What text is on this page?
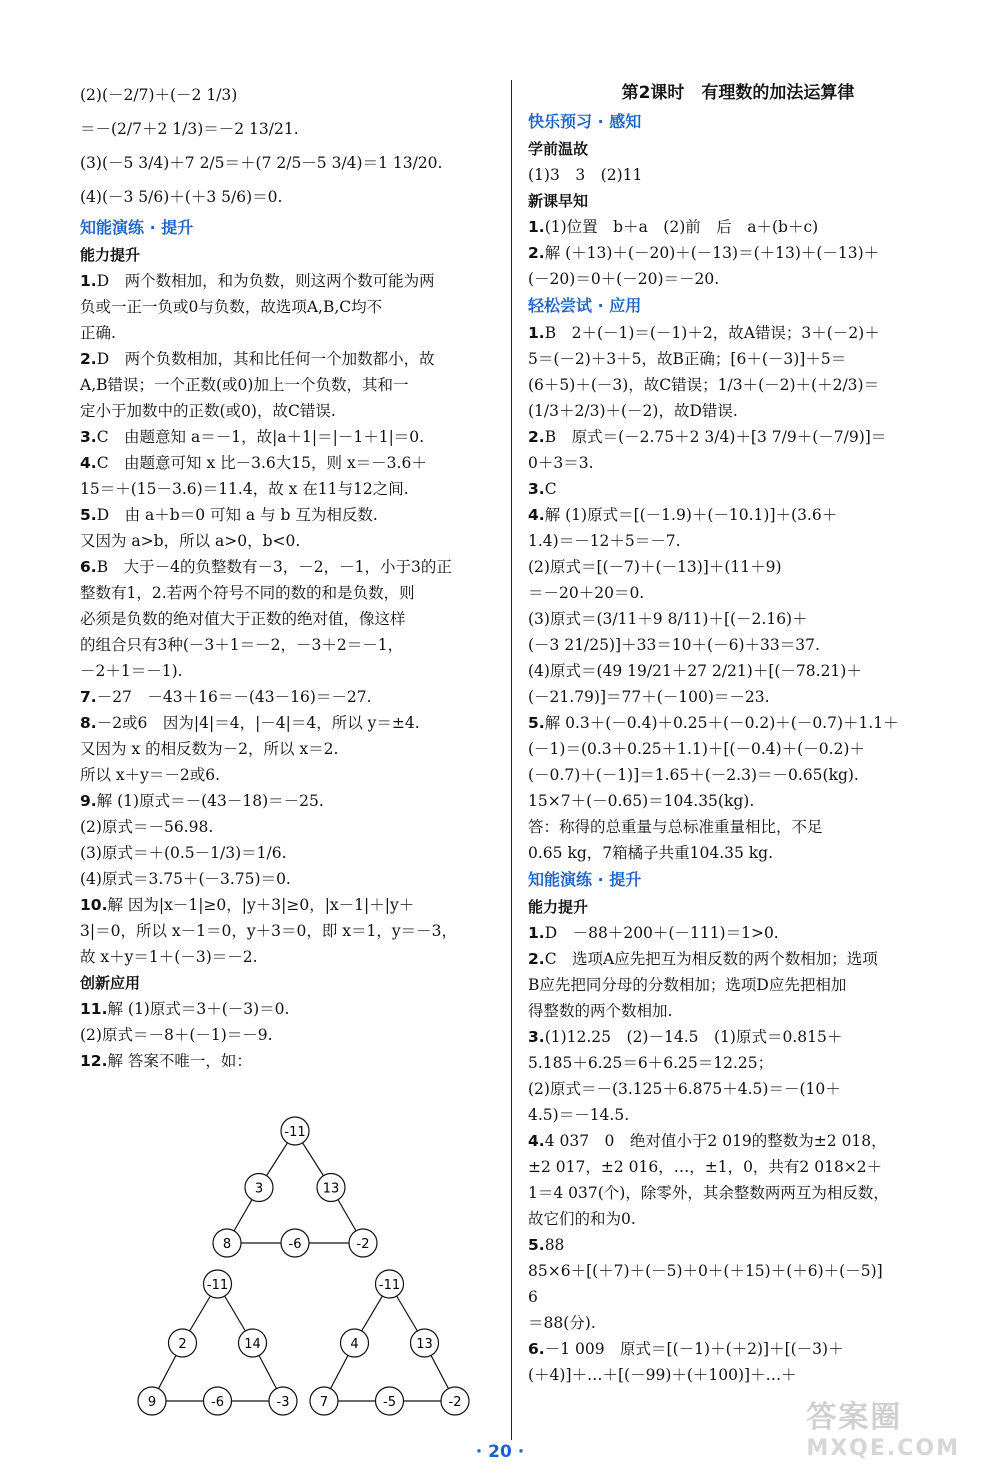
(2)(－2/7)＋(－2 1/3)
＝－(2/7＋2 1/3)＝－2 13/21.
(3)(－5 3/4)＋7 2/5＝＋(7 2/5－5 3/4)＝1 13/20.
(4)(－3 5/6)＋(＋3 5/6)＝0.
知能演练 · 提升
能力提升
1.D　两个数相加，和为负数，则这两个数可能为两
负或一正一负或0与负数，故选项A,B,C均不
正确.
2.D　两个负数相加，其和比任何一个加数都小，故
A,B错误；一个正数(或0)加上一个负数，其和一
定小于加数中的正数(或0)，故C错误.
3.C　由题意知 a＝－1，故|a＋1|＝|－1＋1|＝0.
4.C　由题意可知 x 比－3.6大15，则 x＝－3.6＋
15＝＋(15－3.6)＝11.4，故 x 在11与12之间.
5.D　由 a＋b＝0 可知 a 与 b 互为相反数.
又因为 a>b，所以 a>0，b<0.
6.B　大于－4的负整数有－3，－2，－1，小于3的正
整数有1，2.若两个符号不同的数的和是负数，则
必须是负数的绝对值大于正数的绝对值，像这样
的组合只有3种(－3＋1＝－2，－3＋2＝－1，
－2＋1＝－1).
7.－27　－43＋16＝－(43－16)＝－27.
8.－2或6　因为|4|＝4，|－4|＝4，所以 y＝±4.
又因为 x 的相反数为－2，所以 x＝2.
所以 x＋y＝－2或6.
9.解 (1)原式＝－(43－18)＝－25.
(2)原式＝－56.98.
(3)原式＝＋(0.5－1/3)＝1/6.
(4)原式＝3.75＋(－3.75)＝0.
10.解 因为|x－1|≥0，|y＋3|≥0，|x－1|＋|y＋
3|＝0，所以 x－1＝0，y＋3＝0，即 x＝1，y＝－3，
故 x＋y＝1＋(－3)＝－2.
创新应用
11.解 (1)原式＝3＋(－3)＝0.
(2)原式＝－8＋(－1)＝－9.
12.解 答案不唯一，如：
-11
3	13
8	-6	-2
-11
2	14
9	-6	-3
-11
4	13
7	-5	-2
第2课时　有理数的加法运算律
快乐预习 · 感知
学前温故
(1)3　3　(2)11
新课早知
1.(1)位置　b＋a　(2)前　后　a＋(b＋c)
2.解 (＋13)＋(－20)＋(－13)＝(＋13)＋(－13)＋
(－20)＝0＋(－20)＝－20.
轻松尝试 · 应用
1.B　2＋(－1)＝(－1)＋2，故A错误；3＋(－2)＋
5＝(－2)＋3＋5，故B正确；[6＋(－3)]＋5＝
(6＋5)＋(－3)，故C错误；1/3＋(－2)＋(＋2/3)＝
(1/3＋2/3)＋(－2)，故D错误.
2.B　原式＝(－2.75＋2 3/4)＋[3 7/9＋(－7/9)]＝
0＋3＝3.
3.C
4.解 (1)原式＝[(－1.9)＋(－10.1)]＋(3.6＋
1.4)＝－12＋5＝－7.
(2)原式＝[(－7)＋(－13)]＋(11＋9)
＝－20＋20＝0.
(3)原式＝(3/11＋9 8/11)＋[(－2.16)＋
(－3 21/25)]＋33＝10＋(－6)＋33＝37.
(4)原式＝(49 19/21＋27 2/21)＋[(－78.21)＋
(－21.79)]＝77＋(－100)＝－23.
5.解 0.3＋(－0.4)＋0.25＋(－0.2)＋(－0.7)＋1.1＋
(－1)＝(0.3＋0.25＋1.1)＋[(－0.4)＋(－0.2)＋
(－0.7)＋(－1)]＝1.65＋(－2.3)＝－0.65(kg).
15×7＋(－0.65)＝104.35(kg).
答：称得的总重量与总标准重量相比，不足
0.65 kg，7箱橘子共重104.35 kg.
知能演练 · 提升
能力提升
1.D　－88＋200＋(－111)＝1>0.
2.C　选项A应先把互为相反数的两个数相加；选项
B应先把同分母的分数相加；选项D应先把相加
得整数的两个数相加.
3.(1)12.25　(2)－14.5　(1)原式＝0.815＋
5.185＋6.25＝6＋6.25＝12.25；
(2)原式＝－(3.125＋6.875＋4.5)＝－(10＋
4.5)＝－14.5.
4.4 037　0　绝对值小于2 019的整数为±2 018，
±2 017，±2 016，…，±1，0，共有2 018×2＋
1＝4 037(个)，除零外，其余整数两两互为相反数，
故它们的和为0.
5.88
85×6＋[(＋7)＋(－5)＋0＋(＋15)＋(＋6)＋(－5)]
6
＝88(分).
6.－1 009　原式＝[(－1)＋(＋2)]＋[(－3)＋
(＋4)]＋…＋[(－99)＋(＋100)]＋…＋
· 20 ·
答案圈
MXQE.COM
